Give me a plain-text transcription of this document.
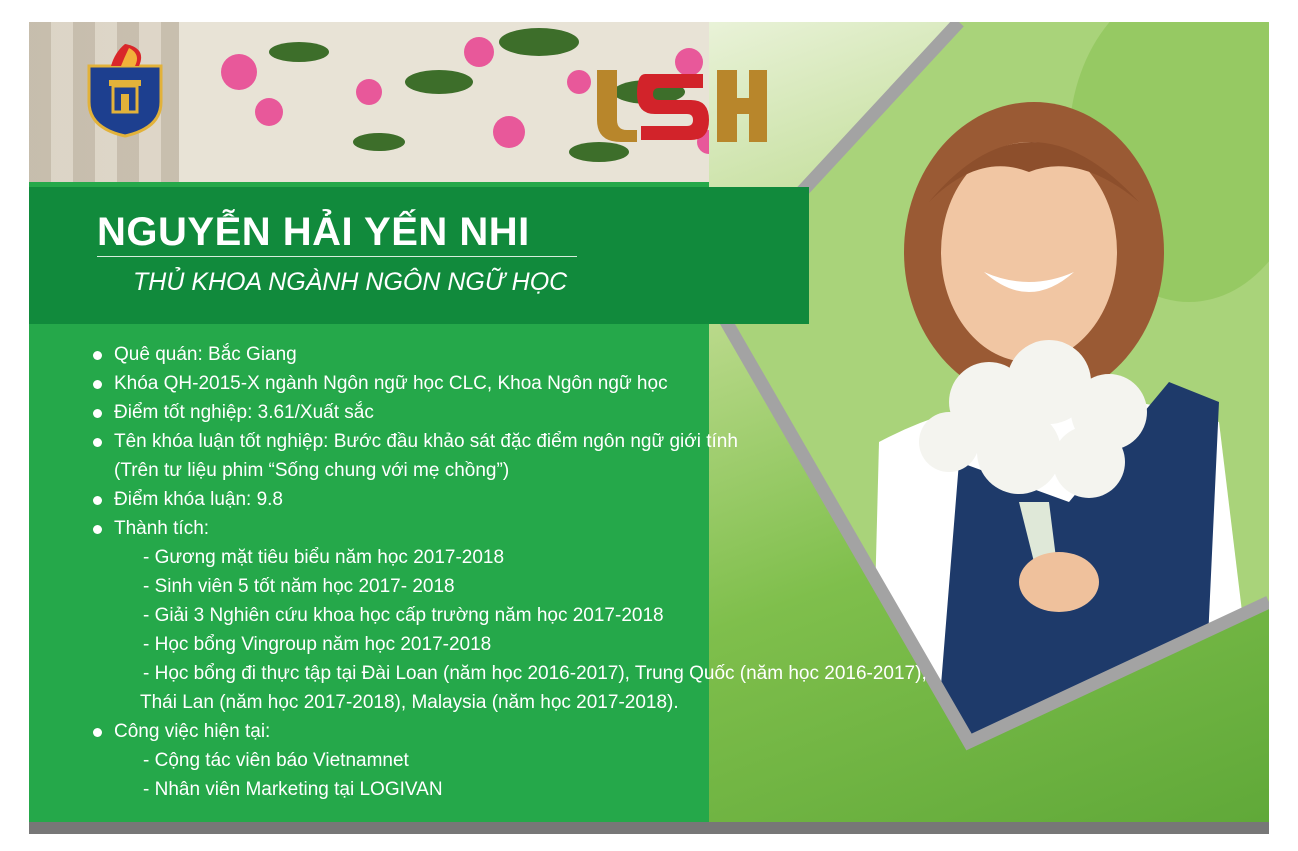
NGUYỄN HẢI YẾN NHI
THỦ KHOA NGÀNH NGÔN NGỮ HỌC
Quê quán: Bắc Giang
Khóa QH-2015-X ngành Ngôn ngữ học CLC, Khoa Ngôn ngữ học
Điểm tốt nghiệp: 3.61/Xuất sắc
Tên khóa luận tốt nghiệp: Bước đầu khảo sát đặc điểm ngôn ngữ giới tính
(Trên tư liệu phim “Sống chung với mẹ chồng”)
Điểm khóa luận: 9.8
Thành tích:
- Gương mặt tiêu biểu năm học 2017-2018
- Sinh viên 5 tốt năm học 2017- 2018
- Giải 3 Nghiên cứu khoa học cấp trường năm học 2017-2018
- Học bổng Vingroup năm học 2017-2018
- Học bổng đi thực tập tại Đài Loan (năm học 2016-2017), Trung Quốc (năm học 2016-2017),
Thái Lan (năm học 2017-2018), Malaysia (năm học 2017-2018).
Công việc hiện tại:
- Cộng tác viên báo Vietnamnet
- Nhân viên Marketing tại LOGIVAN
